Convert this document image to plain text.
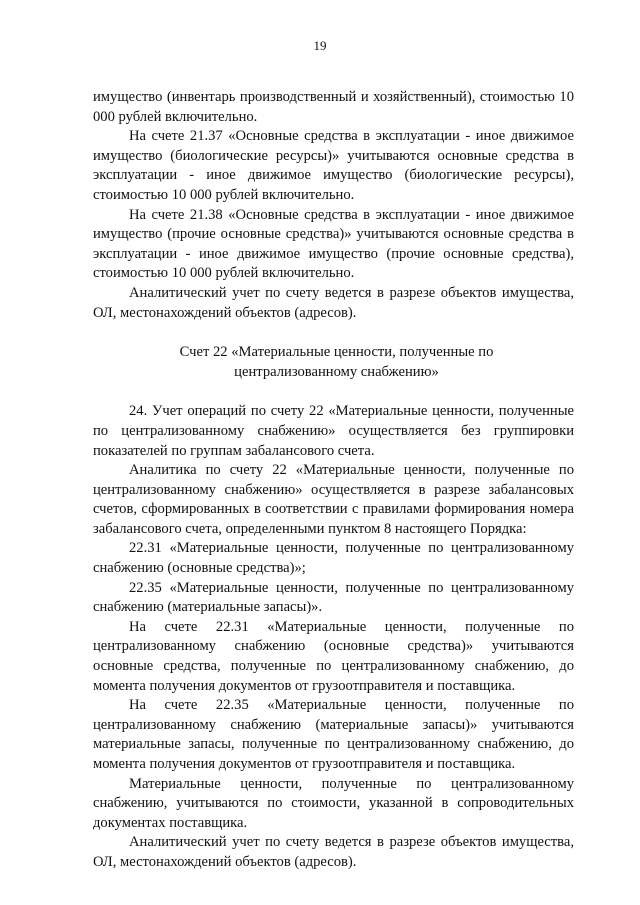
19

имущество (инвентарь производственный и хозяйственный), стоимостью 10 000 рублей включительно.

На счете 21.37 «Основные средства в эксплуатации - иное движимое имущество (биологические ресурсы)» учитываются основные средства в эксплуатации - иное движимое имущество (биологические ресурсы), стоимостью 10 000 рублей включительно.

На счете 21.38 «Основные средства в эксплуатации - иное движимое имущество (прочие основные средства)» учитываются основные средства в эксплуатации - иное движимое имущество (прочие основные средства), стоимостью 10 000 рублей включительно.

Аналитический учет по счету ведется в разрезе объектов имущества, ОЛ, местонахождений объектов (адресов).

Счет 22 «Материальные ценности, полученные по
централизованному снабжению»

24. Учет операций по счету 22 «Материальные ценности, полученные по централизованному снабжению» осуществляется без группировки показателей по группам забалансового счета.

Аналитика по счету 22 «Материальные ценности, полученные по централизованному снабжению» осуществляется в разрезе забалансовых счетов, сформированных в соответствии с правилами формирования номера забалансового счета, определенными пунктом 8 настоящего Порядка:

22.31 «Материальные ценности, полученные по централизованному снабжению (основные средства)»;

22.35 «Материальные ценности, полученные по централизованному снабжению (материальные запасы)».

На счете 22.31 «Материальные ценности, полученные по централизованному снабжению (основные средства)» учитываются основные средства, полученные по централизованному снабжению, до момента получения документов от грузоотправителя и поставщика.

На счете 22.35 «Материальные ценности, полученные по централизованному снабжению (материальные запасы)» учитываются материальные запасы, полученные по централизованному снабжению, до момента получения документов от грузоотправителя и поставщика.

Материальные ценности, полученные по централизованному снабжению, учитываются по стоимости, указанной в сопроводительных документах поставщика.

Аналитический учет по счету ведется в разрезе объектов имущества, ОЛ, местонахождений объектов (адресов).
